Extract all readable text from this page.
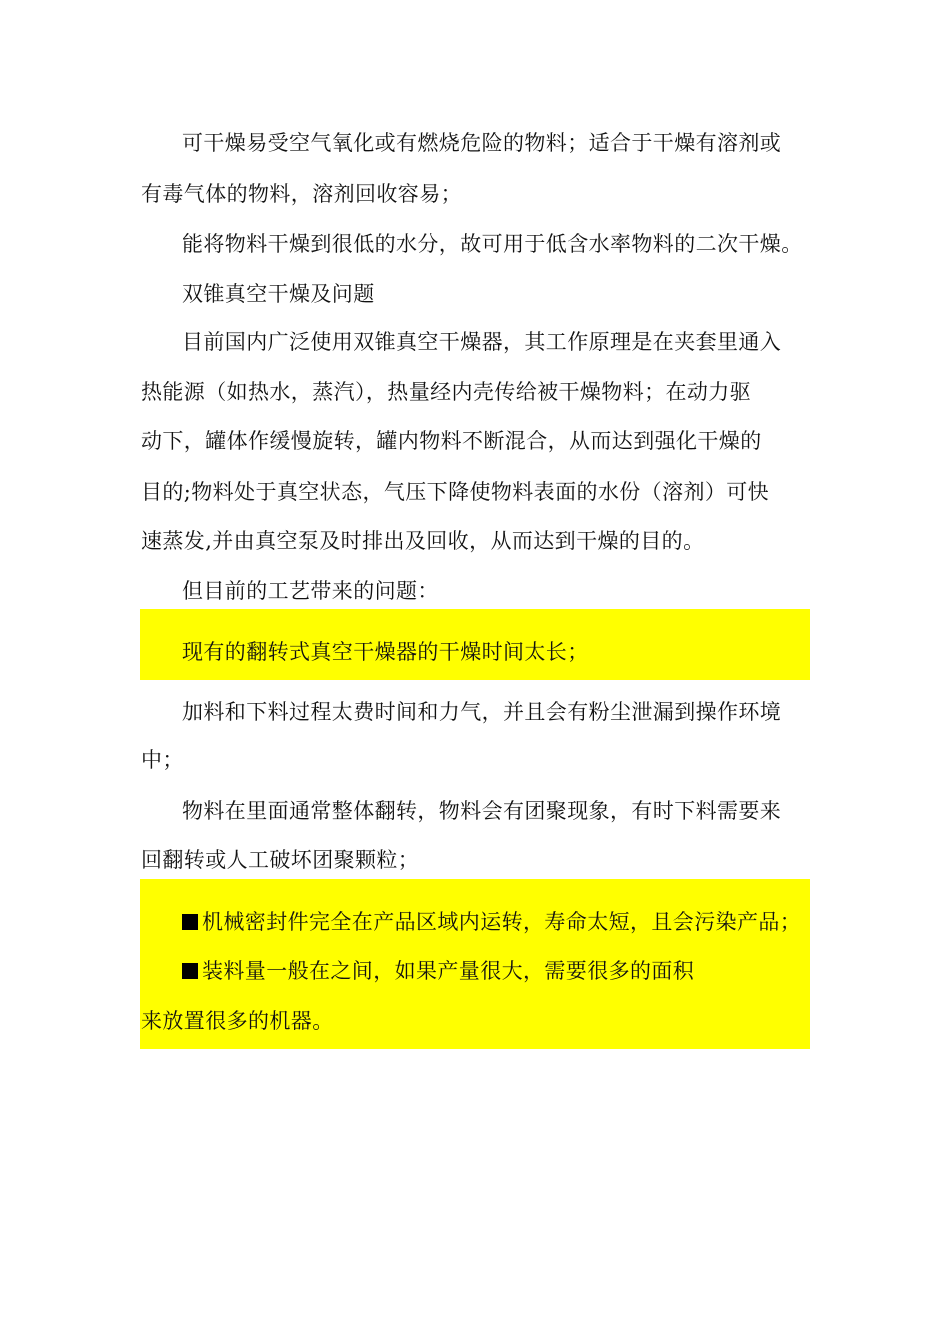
可干燥易受空气氧化或有燃烧危险的物料；适合于干燥有溶剂或
有毒气体的物料，溶剂回收容易；
能将物料干燥到很低的水分，故可用于低含水率物料的二次干燥。
双锥真空干燥及问题
目前国内广泛使用双锥真空干燥器，其工作原理是在夹套里通入
热能源（如热水，蒸汽），热量经内壳传给被干燥物料；在动力驱
动下，罐体作缓慢旋转，罐内物料不断混合，从而达到强化干燥的
目的;物料处于真空状态，气压下降使物料表面的水份（溶剂）可快
速蒸发,并由真空泵及时排出及回收，从而达到干燥的目的。
但目前的工艺带来的问题：
现有的翻转式真空干燥器的干燥时间太长；
加料和下料过程太费时间和力气，并且会有粉尘泄漏到操作环境
中；
物料在里面通常整体翻转，物料会有团聚现象，有时下料需要来
回翻转或人工破坏团聚颗粒；
机械密封件完全在产品区域内运转，寿命太短，且会污染产品；
装料量一般在之间，如果产量很大，需要很多的面积
来放置很多的机器。
